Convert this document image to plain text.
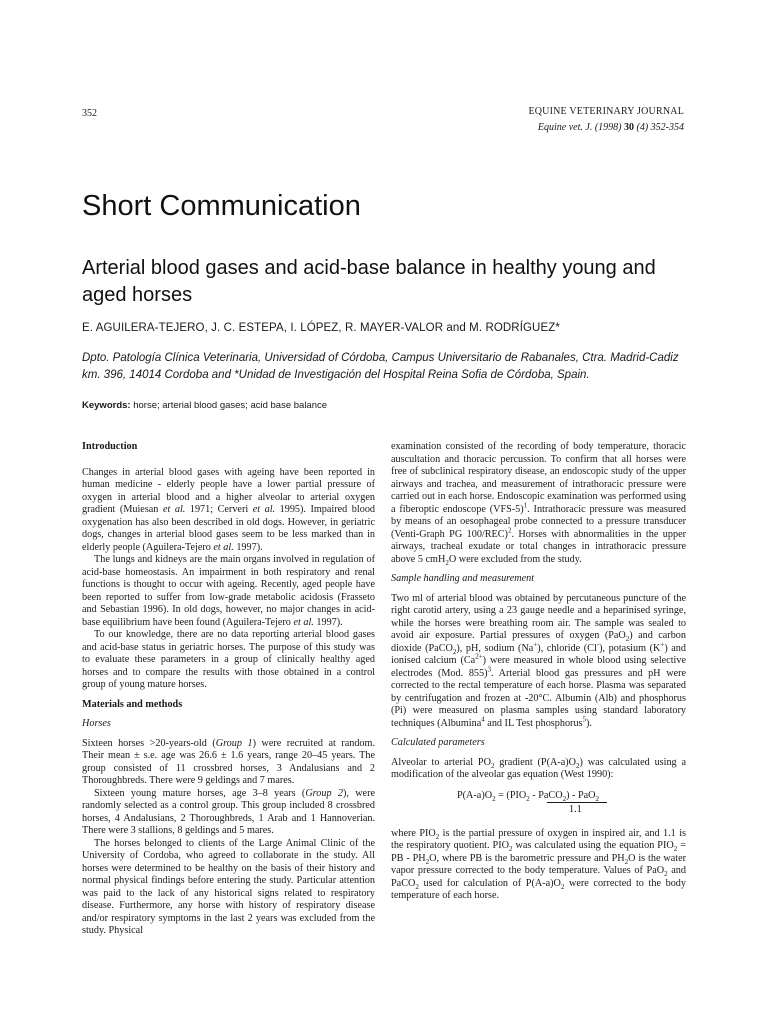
352	EQUINE VETERINARY JOURNAL
Equine vet. J. (1998) 30 (4) 352-354
Short Communication
Arterial blood gases and acid-base balance in healthy young and aged horses
E. AGUILERA-TEJERO, J. C. ESTEPA, I. LÓPEZ, R. MAYER-VALOR and M. RODRÍGUEZ*
Dpto. Patología Clínica Veterinaria, Universidad of Córdoba, Campus Universitario de Rabanales, Ctra. Madrid-Cadiz km. 396, 14014 Cordoba and *Unidad de Investigación del Hospital Reina Sofia de Córdoba, Spain.
Keywords: horse; arterial blood gases; acid base balance
Introduction

Changes in arterial blood gases with ageing have been reported in human medicine - elderly people have a lower partial pressure of oxygen in arterial blood and a higher alveolar to arterial oxygen gradient (Muiesan et al. 1971; Cerveri et al. 1995). Impaired blood oxygenation has also been described in old dogs. However, in geriatric dogs, changes in arterial blood gases seem to be less marked than in elderly people (Aguilera-Tejero et al. 1997).

The lungs and kidneys are the main organs involved in regulation of acid-base homeostasis. An impairment in both respiratory and renal functions is thought to occur with ageing. Recently, aged people have been reported to suffer from low-grade metabolic acidosis (Frasseto and Sebastian 1996). In old dogs, however, no major changes in acid-base equilibrium have been found (Aguilera-Tejero et al. 1997).

To our knowledge, there are no data reporting arterial blood gases and acid-base status in geriatric horses. The purpose of this study was to evaluate these parameters in a group of clinically healthy aged horses and to compare the results with those obtained in a control group of young mature horses.

Materials and methods
Horses

Sixteen horses >20-years-old (Group 1) were recruited at random. Their mean ± s.e. age was 26.6 ± 1.6 years, range 20–45 years. The group consisted of 11 crossbred horses, 3 Andalusians and 2 Thoroughbreds. There were 9 geldings and 7 mares.

Sixteen young mature horses, age 3–8 years (Group 2), were randomly selected as a control group. This group included 8 crossbred horses, 4 Andalusians, 2 Thoroughbreds, 1 Arab and 1 Hannoverian. There were 3 stallions, 8 geldings and 5 mares.

The horses belonged to clients of the Large Animal Clinic of the University of Cordoba, who agreed to collaborate in the study. All horses were determined to be healthy on the basis of their history and normal physical findings before entering the study. Particular attention was paid to the lack of any historical signs related to respiratory disease. Furthermore, any horse with history of respiratory disease and/or respiratory symptoms in the last 2 years was excluded from the study. Physical

examination consisted of the recording of body temperature, thoracic auscultation and thoracic percussion. To confirm that all horses were free of subclinical respiratory disease, an endoscopic study of the upper airways and trachea, and measurement of intrathoracic pressure were carried out in each horse. Endoscopic examination was performed using a fiberoptic endoscope $(VFS-5)^1$. Intrathoracic pressure was measured by means of an oesophageal probe connected to a pressure transducer (Venti-Graph PG 100/REC)$^2$. Horses with abnormalities in the upper airways, tracheal exudate or total changes in intrathoracic pressure above 5 cmH$_2$O were excluded from the study.

Sample handling and measurement

Two ml of arterial blood was obtained by percutaneous puncture of the right carotid artery, using a 23 gauge needle and a heparinised syringe, while the horses were breathing room air. The sample was sealed to avoid air exposure. Partial pressures of oxygen (PaO$_2$) and carbon dioxide (PaCO$_2$), pH, sodium (Na+), chloride (Cl-), potasium (K+) and ionised calcium $(Ca^{2+})$ were measured in whole blood using selective electrodes (Mod. 855)$^3$. Arterial blood gas pressures and pH were corrected to the rectal temperature of each horse. Plasma was separated by centrifugation and frozen at -20°C. Albumin (Alb) and phosphorus (Pi) were measured on plasma samples using standard laboratory techniques (Albumina$^4$ and IL Test phosphorus$^5$).

Calculated parameters

Alveolar to arterial $PO_2$ gradient $(P(A-a)O_2)$ was calculated using a modification of the alveolar gas equation (West 1990):

$P(A-a)O_2 = (PIO_2$ - PaCO$_2$) - PaO$_2$
1.1

where $PIO_2$ is the partial pressure of oxygen in inspired air, and 1.1 is the respiratory quotient. $PIO_2$ was calculated using the equation $PIO_2$ = PB - $PH_2O$, where PB is the barometric pressure and $PH_2O$ is the water vapor pressure corrected to the body temperature. Values of PaO$_2$ and PaCO$_2$ used for calculation of $P(A-a)O_2$ were corrected to the body temperature of each horse.
